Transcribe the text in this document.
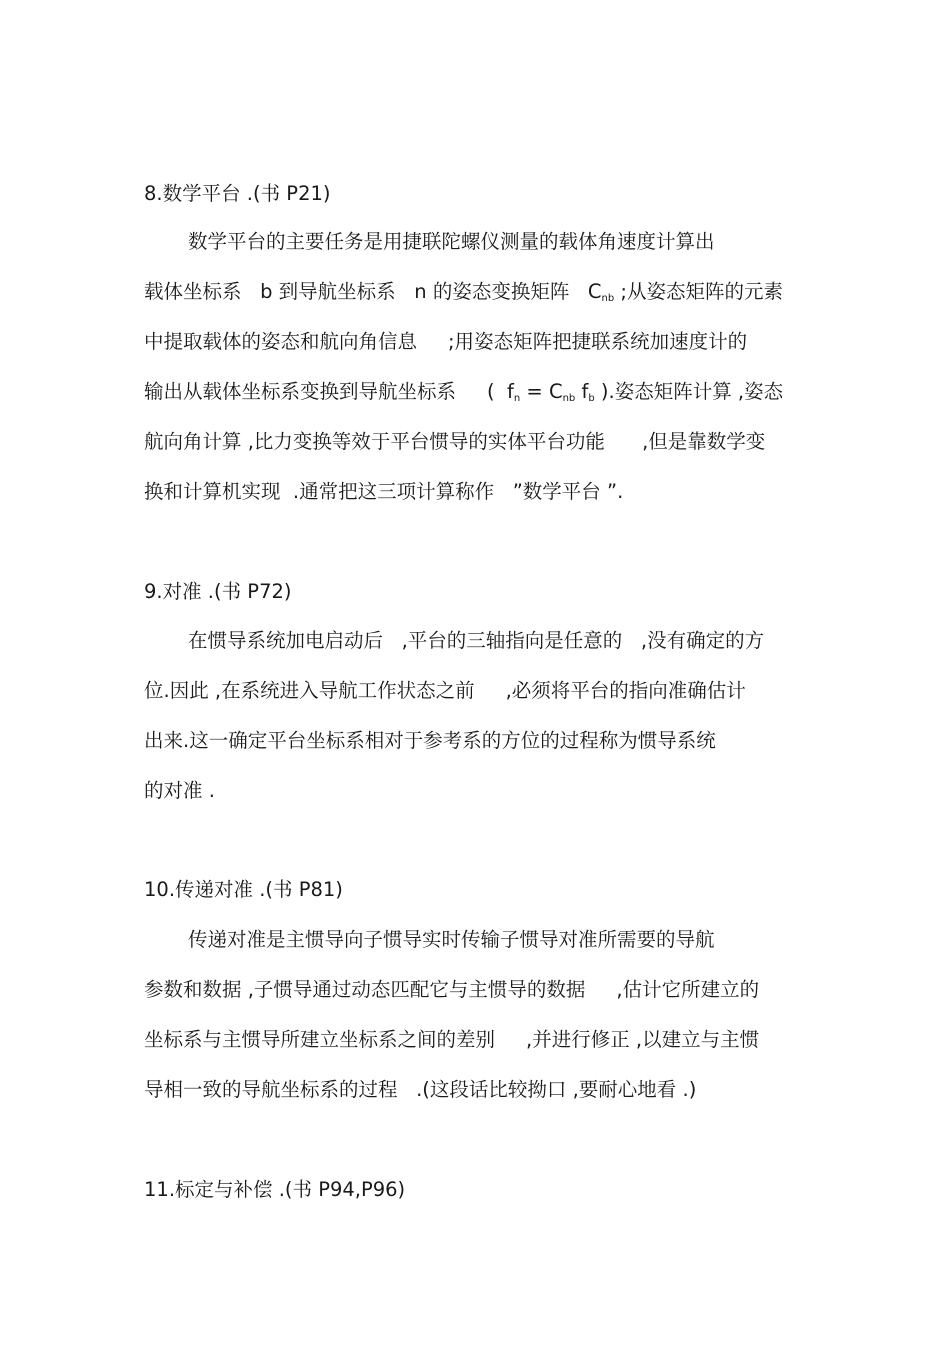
8.数学平台 .(书 P21)
数学平台的主要任务是用捷联陀螺仪测量的载体角速度计算出
载体坐标系   b 到导航坐标系   n 的姿态变换矩阵   $C_{nb}$ ;从姿态矩阵的元素
中提取载体的姿态和航向角信息     ;用姿态矩阵把捷联系统加速度计的
输出从载体坐标系变换到导航坐标系     (  $f_n = C_{nb}$ $f_b$ ).姿态矩阵计算 ,姿态
航向角计算 ,比力变换等效于平台惯导的实体平台功能      ,但是靠数学变
换和计算机实现  .通常把这三项计算称作   ”数学平台 ”.
9.对准 .(书 P72)
在惯导系统加电启动后   ,平台的三轴指向是任意的   ,没有确定的方
位.因此 ,在系统进入导航工作状态之前     ,必须将平台的指向准确估计
出来.这一确定平台坐标系相对于参考系的方位的过程称为惯导系统
的对准 .
10.传递对准 .(书 P81)
传递对准是主惯导向子惯导实时传输子惯导对准所需要的导航
参数和数据 ,子惯导通过动态匹配它与主惯导的数据     ,估计它所建立的
坐标系与主惯导所建立坐标系之间的差别     ,并进行修正 ,以建立与主惯
导相一致的导航坐标系的过程   .(这段话比较拗口 ,要耐心地看 .)
11.标定与补偿 .(书 P94,P96)
